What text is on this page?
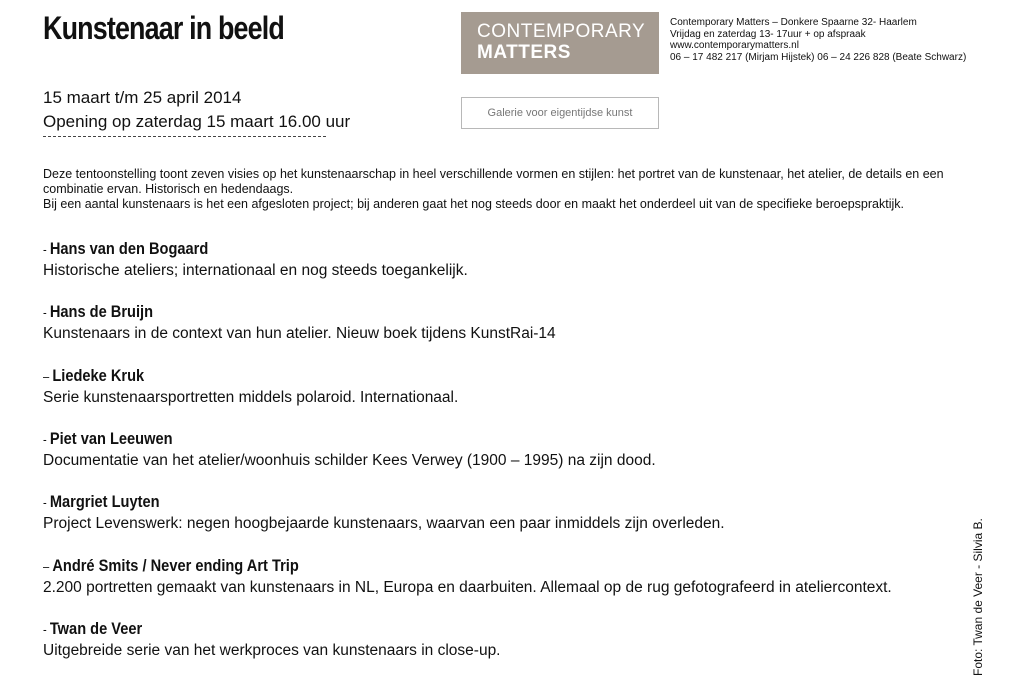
Kunstenaar in beeld
15 maart t/m 25 april 2014
Opening op zaterdag 15 maart 16.00 uur
CONTEMPORARY
MATTERS
Contemporary Matters – Donkere Spaarne 32- Haarlem
Vrijdag en zaterdag 13- 17uur + op afspraak
www.contemporarymatters.nl
06 – 17 482 217 (Mirjam Hijstek) 06 – 24 226 828 (Beate Schwarz)
Galerie voor eigentijdse kunst

Deze tentoonstelling toont zeven visies op het kunstenaarschap in heel verschillende vormen en stijlen: het portret van de kunstenaar, het atelier, de details en een combinatie ervan. Historisch en hedendaags.

Bij een aantal kunstenaars is het een afgesloten project; bij anderen gaat het nog steeds door en maakt het onderdeel uit van de specifieke beroepspraktijk.

- Hans van den Bogaard
Historische ateliers; internationaal en nog steeds toegankelijk.
- Hans de Bruijn
Kunstenaars in de context van hun atelier. Nieuw boek tijdens KunstRai-14
– Liedeke Kruk
Serie kunstenaarsportretten middels polaroid. Internationaal.
- Piet van Leeuwen
Documentatie van het atelier/woonhuis schilder Kees Verwey (1900 – 1995) na zijn dood.
- Margriet Luyten
Project Levenswerk: negen hoogbejaarde kunstenaars, waarvan een paar inmiddels zijn overleden.
– André Smits / Never ending Art Trip
2.200 portretten gemaakt van kunstenaars in NL, Europa en daarbuiten. Allemaal op de rug gefotografeerd in ateliercontext.
- Twan de Veer
Uitgebreide serie van het werkproces van kunstenaars in close-up.	Foto: Twan de Veer - Silvia B.
